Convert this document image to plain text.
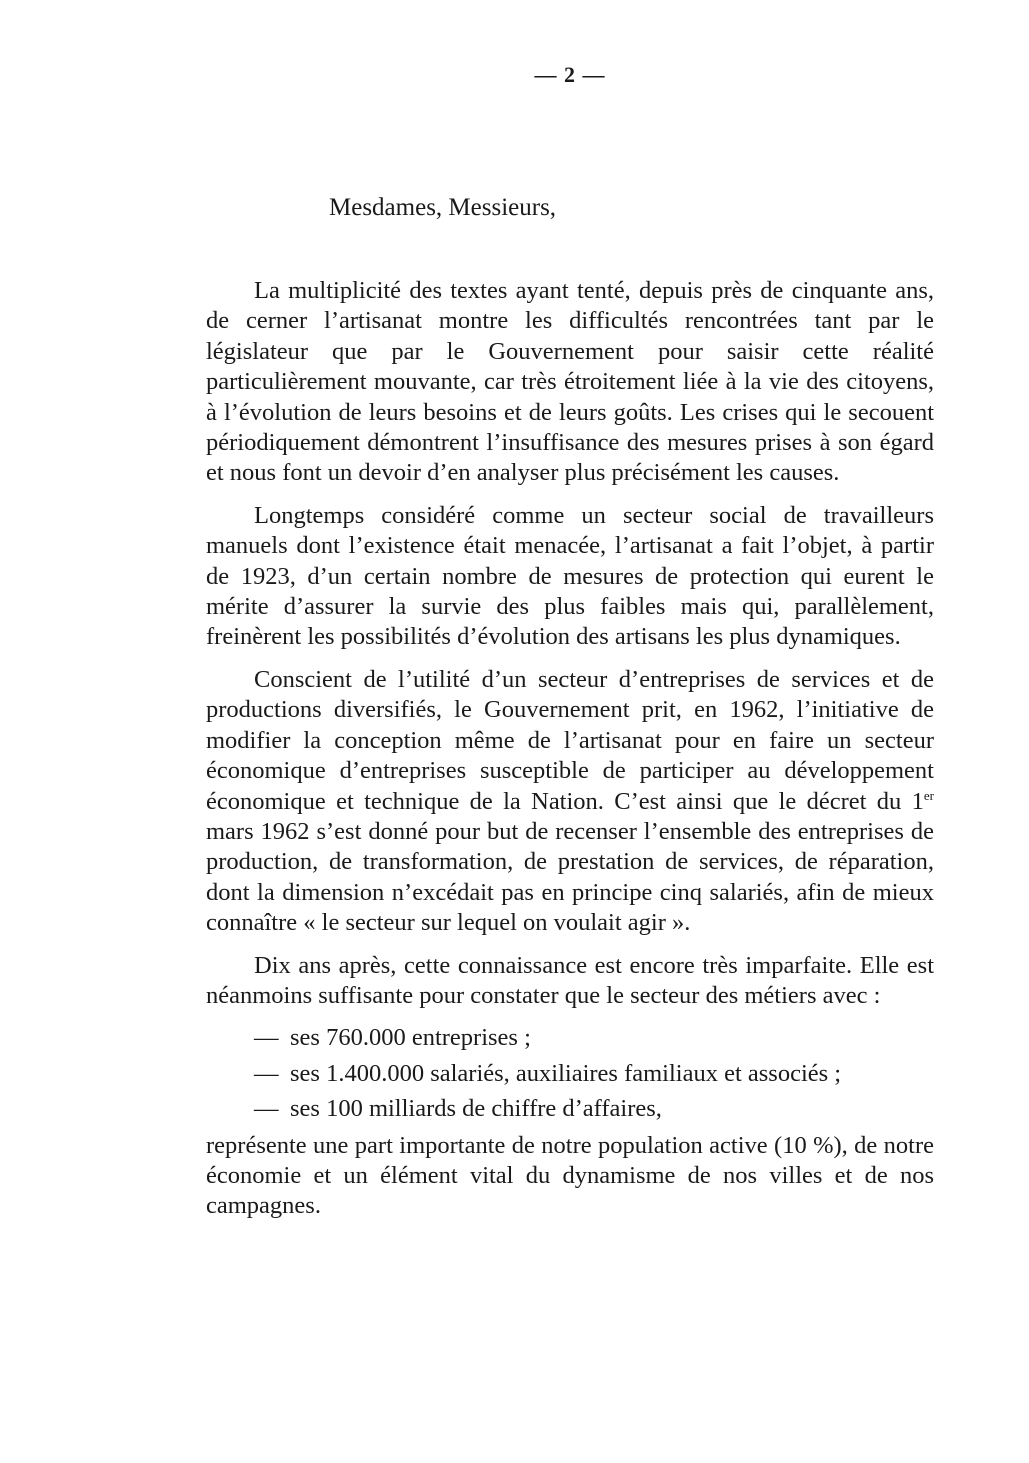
— 2 —
Mesdames, Messieurs,

La multiplicité des textes ayant tenté, depuis près de cinquante ans, de cerner l’artisanat montre les difficultés rencontrées tant par le législateur que par le Gouvernement pour saisir cette réalité particulièrement mouvante, car très étroitement liée à la vie des citoyens, à l’évolution de leurs besoins et de leurs goûts. Les crises qui le secouent périodiquement démontrent l’insuffisance des mesures prises à son égard et nous font un devoir d’en analyser plus précisément les causes.

Longtemps considéré comme un secteur social de travailleurs manuels dont l’existence était menacée, l’artisanat a fait l’objet, à partir de 1923, d’un certain nombre de mesures de protection qui eurent le mérite d’assurer la survie des plus faibles mais qui, parallèlement, freinèrent les possibilités d’évolution des artisans les plus dynamiques.

Conscient de l’utilité d’un secteur d’entreprises de services et de productions diversifiés, le Gouvernement prit, en 1962, l’initiative de modifier la conception même de l’artisanat pour en faire un secteur économique d’entreprises susceptible de participer au développement économique et technique de la Nation. C’est ainsi que le décret du 1er mars 1962 s’est donné pour but de recenser l’ensemble des entreprises de production, de transformation, de prestation de services, de réparation, dont la dimension n’excédait pas en principe cinq salariés, afin de mieux connaître « le secteur sur lequel on voulait agir ».

Dix ans après, cette connaissance est encore très imparfaite. Elle est néanmoins suffisante pour constater que le secteur des métiers avec :

— ses 760.000 entreprises ;
— ses 1.400.000 salariés, auxiliaires familiaux et associés ;
— ses 100 milliards de chiffre d’affaires,

représente une part importante de notre population active (10 %), de notre économie et un élément vital du dynamisme de nos villes et de nos campagnes.
